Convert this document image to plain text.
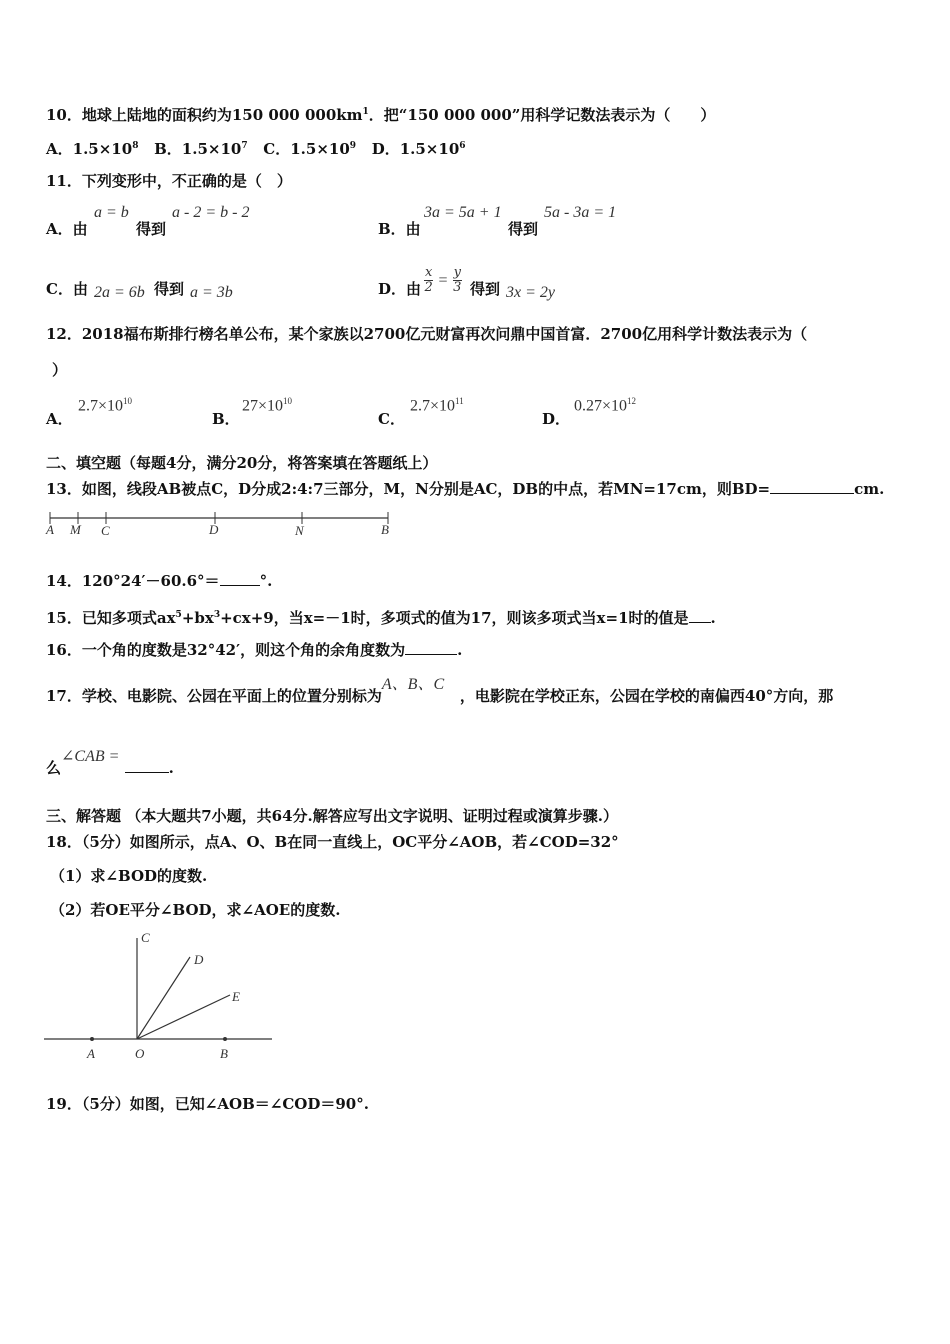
10．地球上陆地的面积约为150 000 $000km^1$．把“150 000 000”用科学记数法表示为（　　）
A．$1.5\times 10^8$ B．$1.5\times 10^7$ C．$1.5\times 10^9$ D．$1.5\times 10^6$
11．下列变形中，不正确的是（　）
A．由
a = b
得到
a - 2 = b - 2
B．由
3a = 5a + 1
得到
5a - 3a = 1
C．由 2a = 6b 得到 a = 3b	D．由 $\frac{x}{2} = \frac{y}{3}$ 得到 3x = 2y
12．2018福布斯排行榜名单公布，某个家族以2700亿元财富再次问鼎中国首富．2700亿用科学计数法表示为（
）
A．
$2.7\times 10^{10}$
B．
$27\times 10^{10}$
C．
$2.7\times 10^{11}$
D．
$0.27\times 10^{12}$
二、填空题（每题4分，满分20分，将答案填在答题纸上）
13．如图，线段AB被点C，D分成2:4:7三部分，M，N分别是AC，DB的中点，若MN=17cm，则BD=	cm.
A M C	D	N	B
14．120°24′－60.6°＝	°.
15．已知多项式$ax^5+bx^3+cx+9$，当x=－1时，多项式的值为17，则该多项式当x=1时的值是 .
16．一个角的度数是32°42′，则这个角的余角度数为	.
17．学校、电影院、公园在平面上的位置分别标为A、B、C，电影院在学校正东，公园在学校的南偏西40°方向，那
么∠CAB = .
三、解答题 （本大题共7小题，共64分.解答应写出文字说明、证明过程或演算步骤.）
18．（5分）如图所示，点A、O、B在同一直线上，OC平分∠AOB，若∠COD=32°
（1）求∠BOD的度数.
（2）若OE平分∠BOD，求∠AOE的度数.
C
D
E
A	O	B
19．（5分）如图，已知∠AOB＝∠COD＝90°.
